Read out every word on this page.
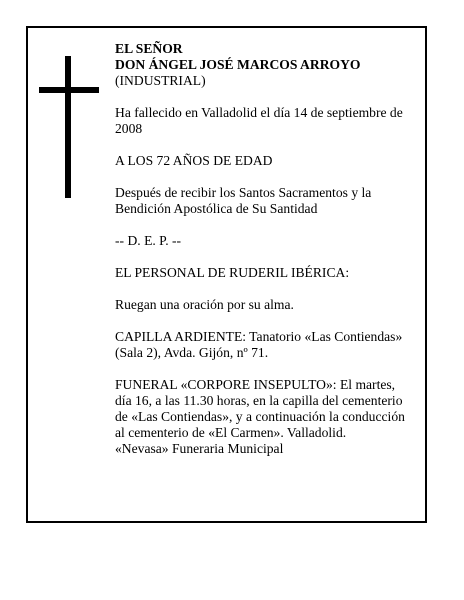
EL SEÑOR
DON ÁNGEL JOSÉ MARCOS ARROYO
(INDUSTRIAL)

Ha fallecido en Valladolid el día 14 de septiembre de 2008

A LOS 72 AÑOS DE EDAD

Después de recibir los Santos Sacramentos y la Bendición Apostólica de Su Santidad

-- D. E. P. --

EL PERSONAL DE RUDERIL IBÉRICA:

Ruegan una oración por su alma.

CAPILLA ARDIENTE: Tanatorio «Las Contiendas» (Sala 2), Avda. Gijón, nº 71.

FUNERAL «CORPORE INSEPULTO»: El martes, día 16, a las 11.30 horas, en la capilla del cementerio de «Las Contiendas», y a continuación la conducción al cementerio de «El Carmen». Valladolid.

«Nevasa» Funeraria Municipal
